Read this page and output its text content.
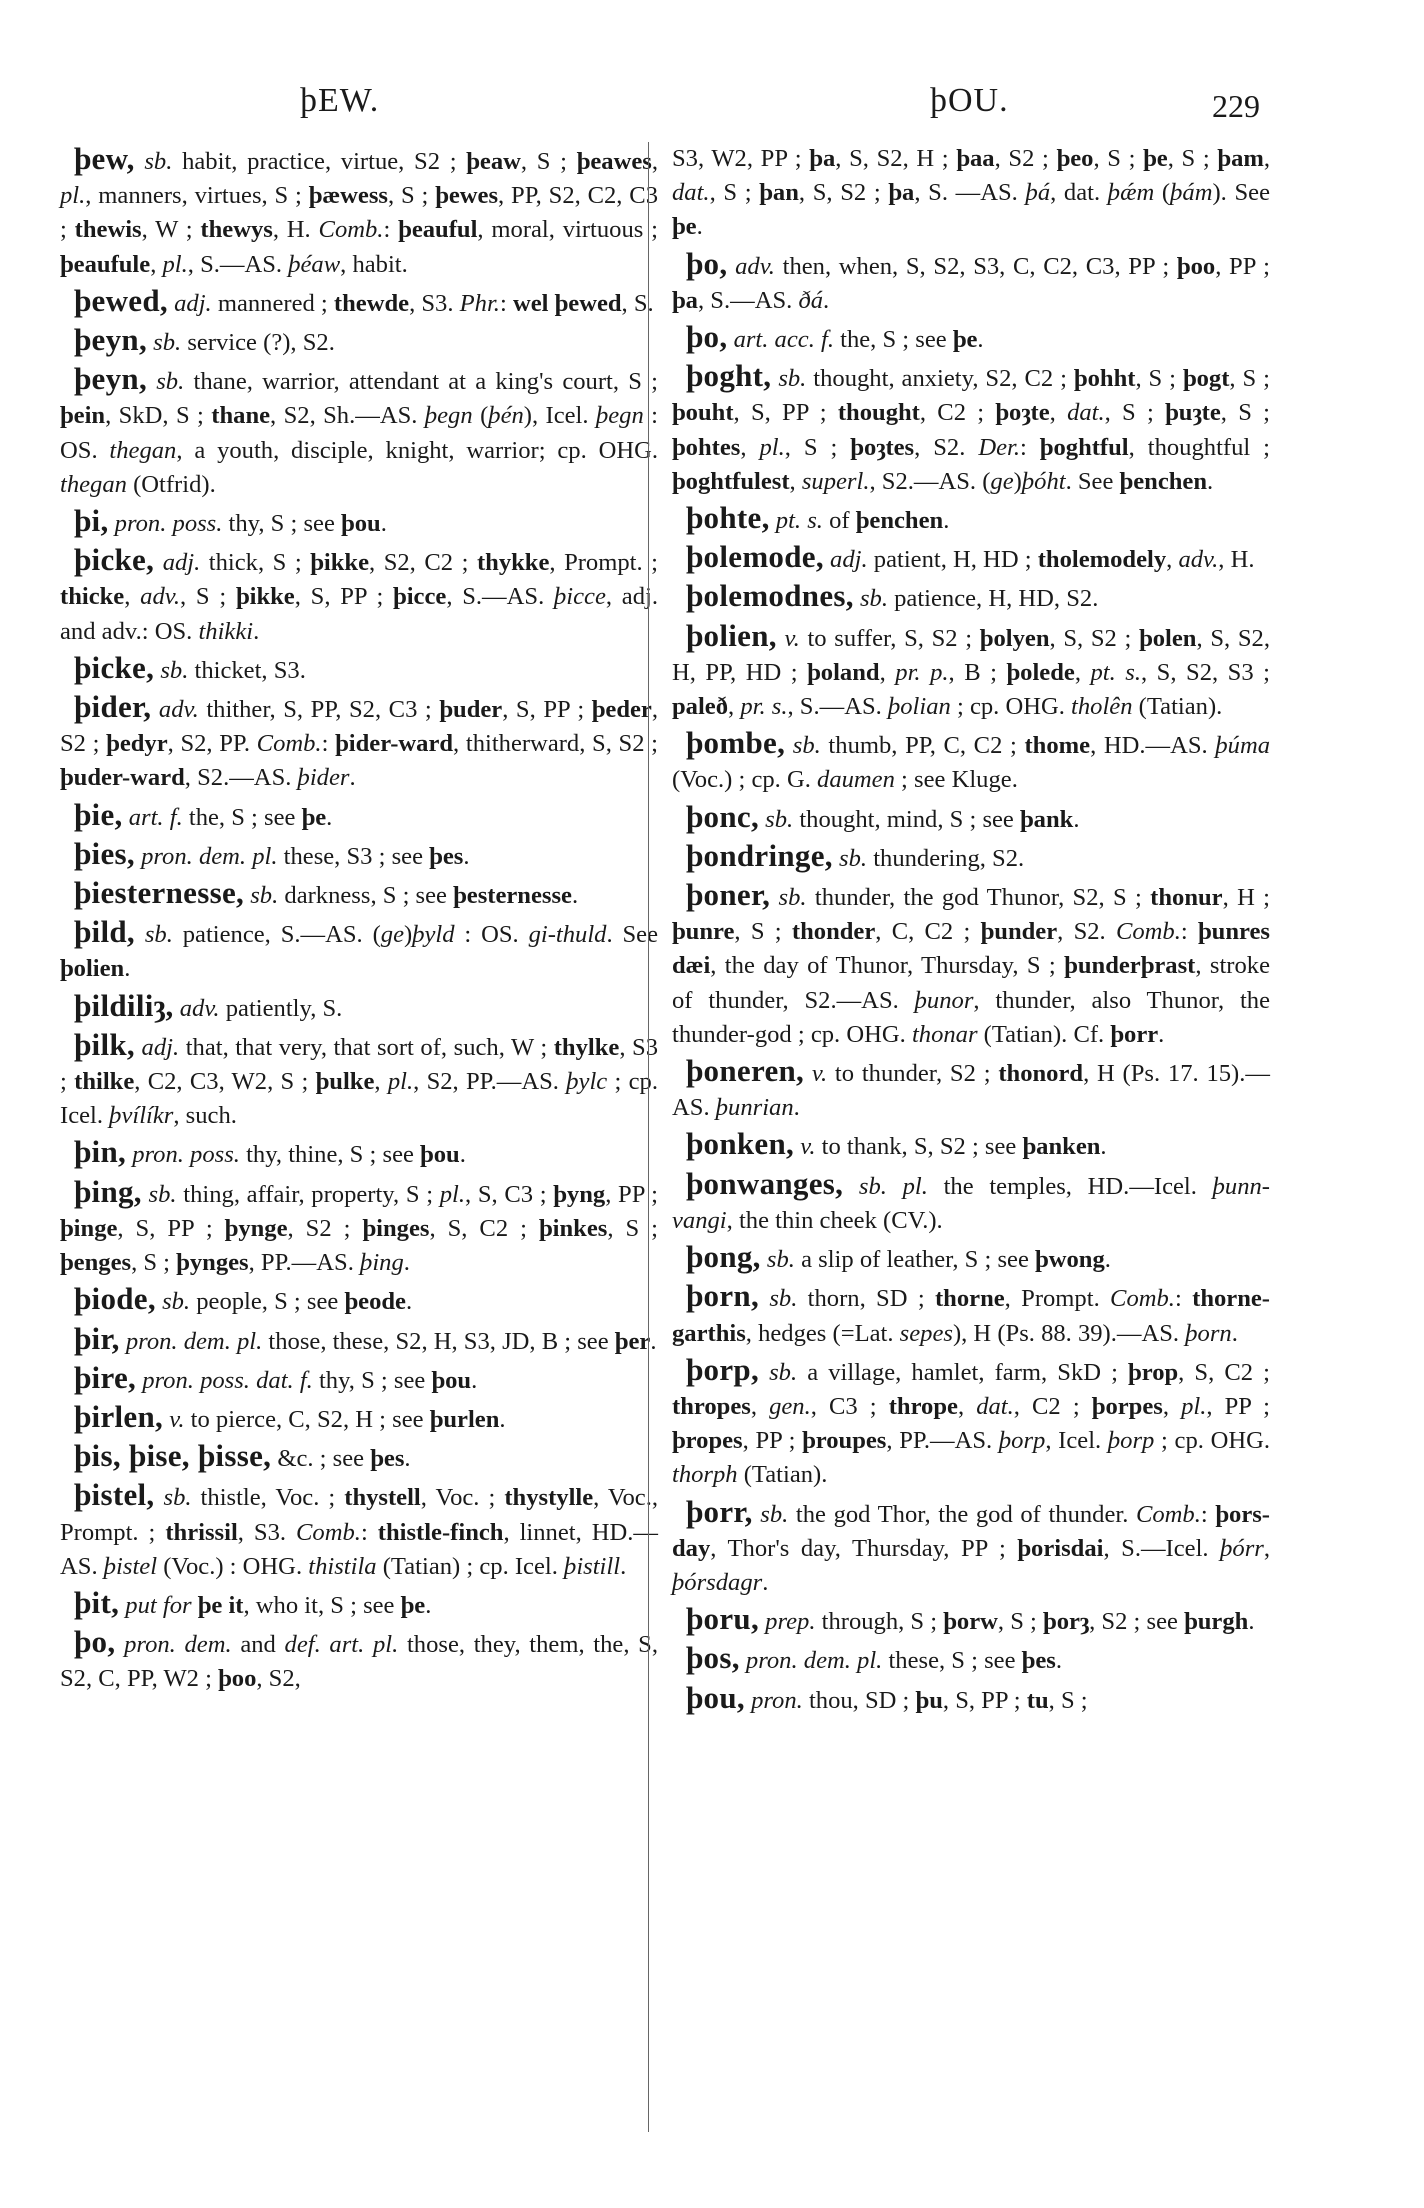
þEW.	þOU.	229

þew, sb. habit, practice, virtue, S2 ; þeaw, S ; þeawes, pl., manners, virtues, S ; þæwess, S ; þewes, PP, S2, C2, C3 ; thewis, W ; thewys, H. Comb.: þeauful, moral, virtuous ; þeaufule, pl., S.—AS. þéaw, habit.

þewed, adj. mannered ; thewde, S3. Phr.: wel þewed, S.

þeyn, sb. service (?), S2.

þeyn, sb. thane, warrior, attendant at a king's court, S ; þein, SkD, S ; thane, S2, Sh.—AS. þegn (þén), Icel. þegn : OS. thegan, a youth, disciple, knight, warrior; cp. OHG. thegan (Otfrid).

þi, pron. poss. thy, S ; see þou.

þicke, adj. thick, S ; þikke, S2, C2 ; thykke, Prompt. ; thicke, adv., S ; þikke, S, PP ; þicce, S.—AS. þicce, adj. and adv.: OS. thikki.

þicke, sb. thicket, S3.

þider, adv. thither, S, PP, S2, C3 ; þuder, S, PP ; þeder, S2 ; þedyr, S2, PP. Comb.: þider-ward, thitherward, S, S2 ; þuder-ward, S2.—AS. þider.

þie, art. f. the, S ; see þe.

þies, pron. dem. pl. these, S3 ; see þes.

þiesternesse, sb. darkness, S ; see þesternesse.

þild, sb. patience, S.—AS. (ge)þyld : OS. gi-thuld. See þolien.

þildiliȝ, adv. patiently, S.

þilk, adj. that, that very, that sort of, such, W ; thylke, S3 ; thilke, C2, C3, W2, S ; þulke, pl., S2, PP.—AS. þylc ; cp. Icel. þvílíkr, such.

þin, pron. poss. thy, thine, S ; see þou.

þing, sb. thing, affair, property, S ; pl., S, C3 ; þyng, PP ; þinge, S, PP ; þynge, S2 ; þinges, S, C2 ; þinkes, S ; þenges, S ; þynges, PP.—AS. þing.

þiode, sb. people, S ; see þeode.

þir, pron. dem. pl. those, these, S2, H, S3, JD, B ; see þer.

þire, pron. poss. dat. f. thy, S ; see þou.

þirlen, v. to pierce, C, S2, H ; see þurlen.

þis, þise, þisse, &c. ; see þes.

þistel, sb. thistle, Voc. ; thystell, Voc. ; thystylle, Voc., Prompt. ; thrissil, S3. Comb.: thistle-finch, linnet, HD.—AS. þistel (Voc.) : OHG. thistila (Tatian) ; cp. Icel. þistill.

þit, put for þe it, who it, S ; see þe.

þo, pron. dem. and def. art. pl. those, they, them, the, S, S2, C, PP, W2 ; þoo, S2,

S3, W2, PP ; þa, S, S2, H ; þaa, S2 ; þeo, S ; þe, S ; þam, dat., S ; þan, S, S2 ; þa, S. —AS. þá, dat. þǽm (þám). See þe.

þo, adv. then, when, S, S2, S3, C, C2, C3, PP ; þoo, PP ; þa, S.—AS. ðá.

þo, art. acc. f. the, S ; see þe.

þoght, sb. thought, anxiety, S2, C2 ; þohht, S ; þogt, S ; þouht, S, PP ; thought, C2 ; þoȝte, dat., S ; þuȝte, S ; þohtes, pl., S ; þoȝtes, S2. Der.: þoghtful, thoughtful ; þoghtfulest, superl., S2.—AS. (ge)þóht. See þenchen.

þohte, pt. s. of þenchen.

þolemode, adj. patient, H, HD ; tholemodely, adv., H.

þolemodnes, sb. patience, H, HD, S2.

þolien, v. to suffer, S, S2 ; þolyen, S, S2 ; þolen, S, S2, H, PP, HD ; þoland, pr. p., B ; þolede, pt. s., S, S2, S3 ; paleð, pr. s., S.—AS. þolian ; cp. OHG. tholên (Tatian).

þombe, sb. thumb, PP, C, C2 ; thome, HD.—AS. þúma (Voc.) ; cp. G. daumen ; see Kluge.

þonc, sb. thought, mind, S ; see þank.

þondringe, sb. thundering, S2.

þoner, sb. thunder, the god Thunor, S2, S ; thonur, H ; þunre, S ; thonder, C, C2 ; þunder, S2. Comb.: þunres dæi, the day of Thunor, Thursday, S ; þunderþrast, stroke of thunder, S2.—AS. þunor, thunder, also Thunor, the thunder-god ; cp. OHG. thonar (Tatian). Cf. þorr.

þoneren, v. to thunder, S2 ; thonord, H (Ps. 17. 15).—AS. þunrian.

þonken, v. to thank, S, S2 ; see þanken.

þonwanges, sb. pl. the temples, HD.—Icel. þunn-vangi, the thin cheek (CV.).

þong, sb. a slip of leather, S ; see þwong.

þorn, sb. thorn, SD ; thorne, Prompt. Comb.: thorne-garthis, hedges (=Lat. sepes), H (Ps. 88. 39).—AS. þorn.

þorp, sb. a village, hamlet, farm, SkD ; þrop, S, C2 ; thropes, gen., C3 ; thrope, dat., C2 ; þorpes, pl., PP ; þropes, PP ; þroupes, PP.—AS. þorp, Icel. þorp ; cp. OHG. thorph (Tatian).

þorr, sb. the god Thor, the god of thunder. Comb.: þors-day, Thor's day, Thursday, PP ; þorisdai, S.—Icel. þórr, þórsdagr.

þoru, prep. through, S ; þorw, S ; þorȝ, S2 ; see þurgh.

þos, pron. dem. pl. these, S ; see þes.

þou, pron. thou, SD ; þu, S, PP ; tu, S ;
